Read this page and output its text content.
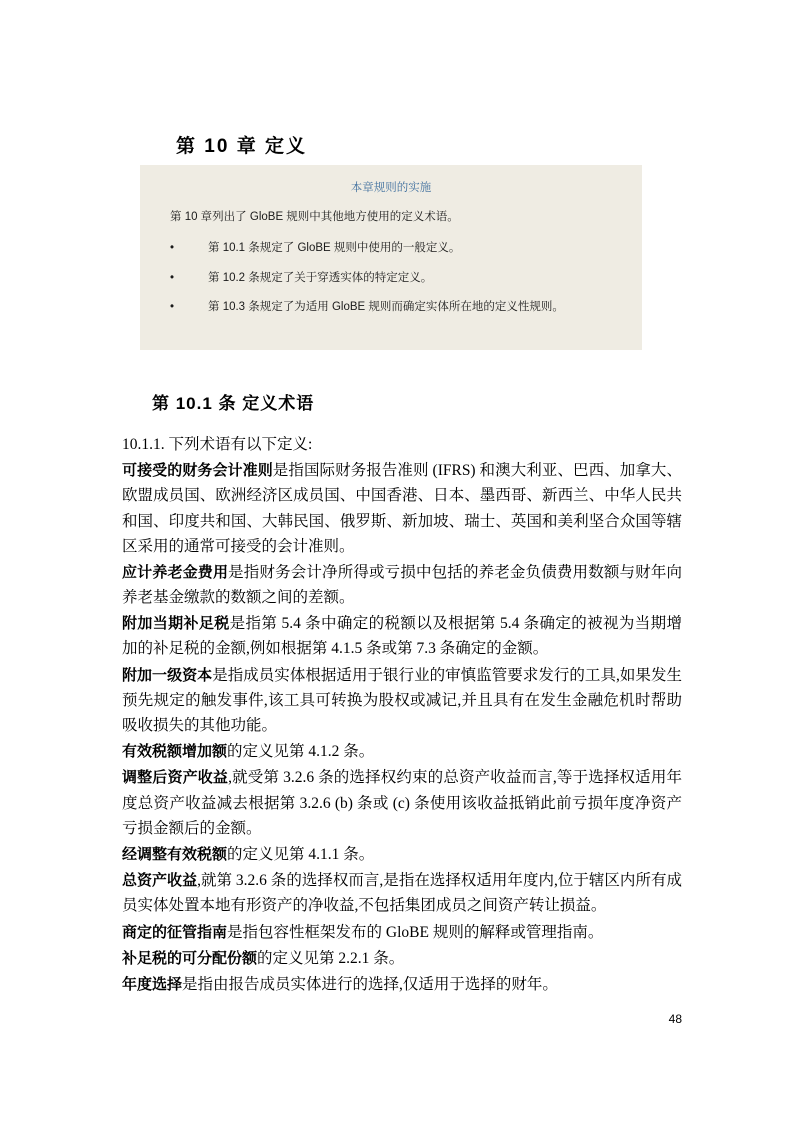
第 10 章 定义
本章规则的实施
第 10 章列出了 GloBE 规则中其他地方使用的定义术语。
•	第 10.1 条规定了 GloBE 规则中使用的一般定义。
•	第 10.2 条规定了关于穿透实体的特定定义。
•	第 10.3 条规定了为适用 GloBE 规则而确定实体所在地的定义性规则。
第 10.1 条 定义术语

10.1.1. 下列术语有以下定义:

可接受的财务会计准则是指国际财务报告准则 (IFRS) 和澳大利亚、巴西、加拿大、欧盟成员国、欧洲经济区成员国、中国香港、日本、墨西哥、新西兰、中华人民共和国、印度共和国、大韩民国、俄罗斯、新加坡、瑞士、英国和美利坚合众国等辖区采用的通常可接受的会计准则。

应计养老金费用是指财务会计净所得或亏损中包括的养老金负债费用数额与财年向养老基金缴款的数额之间的差额。

附加当期补足税是指第 5.4 条中确定的税额以及根据第 5.4 条确定的被视为当期增加的补足税的金额,例如根据第 4.1.5 条或第 7.3 条确定的金额。

附加一级资本是指成员实体根据适用于银行业的审慎监管要求发行的工具,如果发生预先规定的触发事件,该工具可转换为股权或减记,并且具有在发生金融危机时帮助吸收损失的其他功能。

有效税额增加额的定义见第 4.1.2 条。

调整后资产收益,就受第 3.2.6 条的选择权约束的总资产收益而言,等于选择权适用年度总资产收益减去根据第 3.2.6 (b) 条或 (c) 条使用该收益抵销此前亏损年度净资产亏损金额后的金额。

经调整有效税额的定义见第 4.1.1 条。

总资产收益,就第 3.2.6 条的选择权而言,是指在选择权适用年度内,位于辖区内所有成员实体处置本地有形资产的净收益,不包括集团成员之间资产转让损益。

商定的征管指南是指包容性框架发布的 GloBE 规则的解释或管理指南。

补足税的可分配份额的定义见第 2.2.1 条。

年度选择是指由报告成员实体进行的选择,仅适用于选择的财年。

48
